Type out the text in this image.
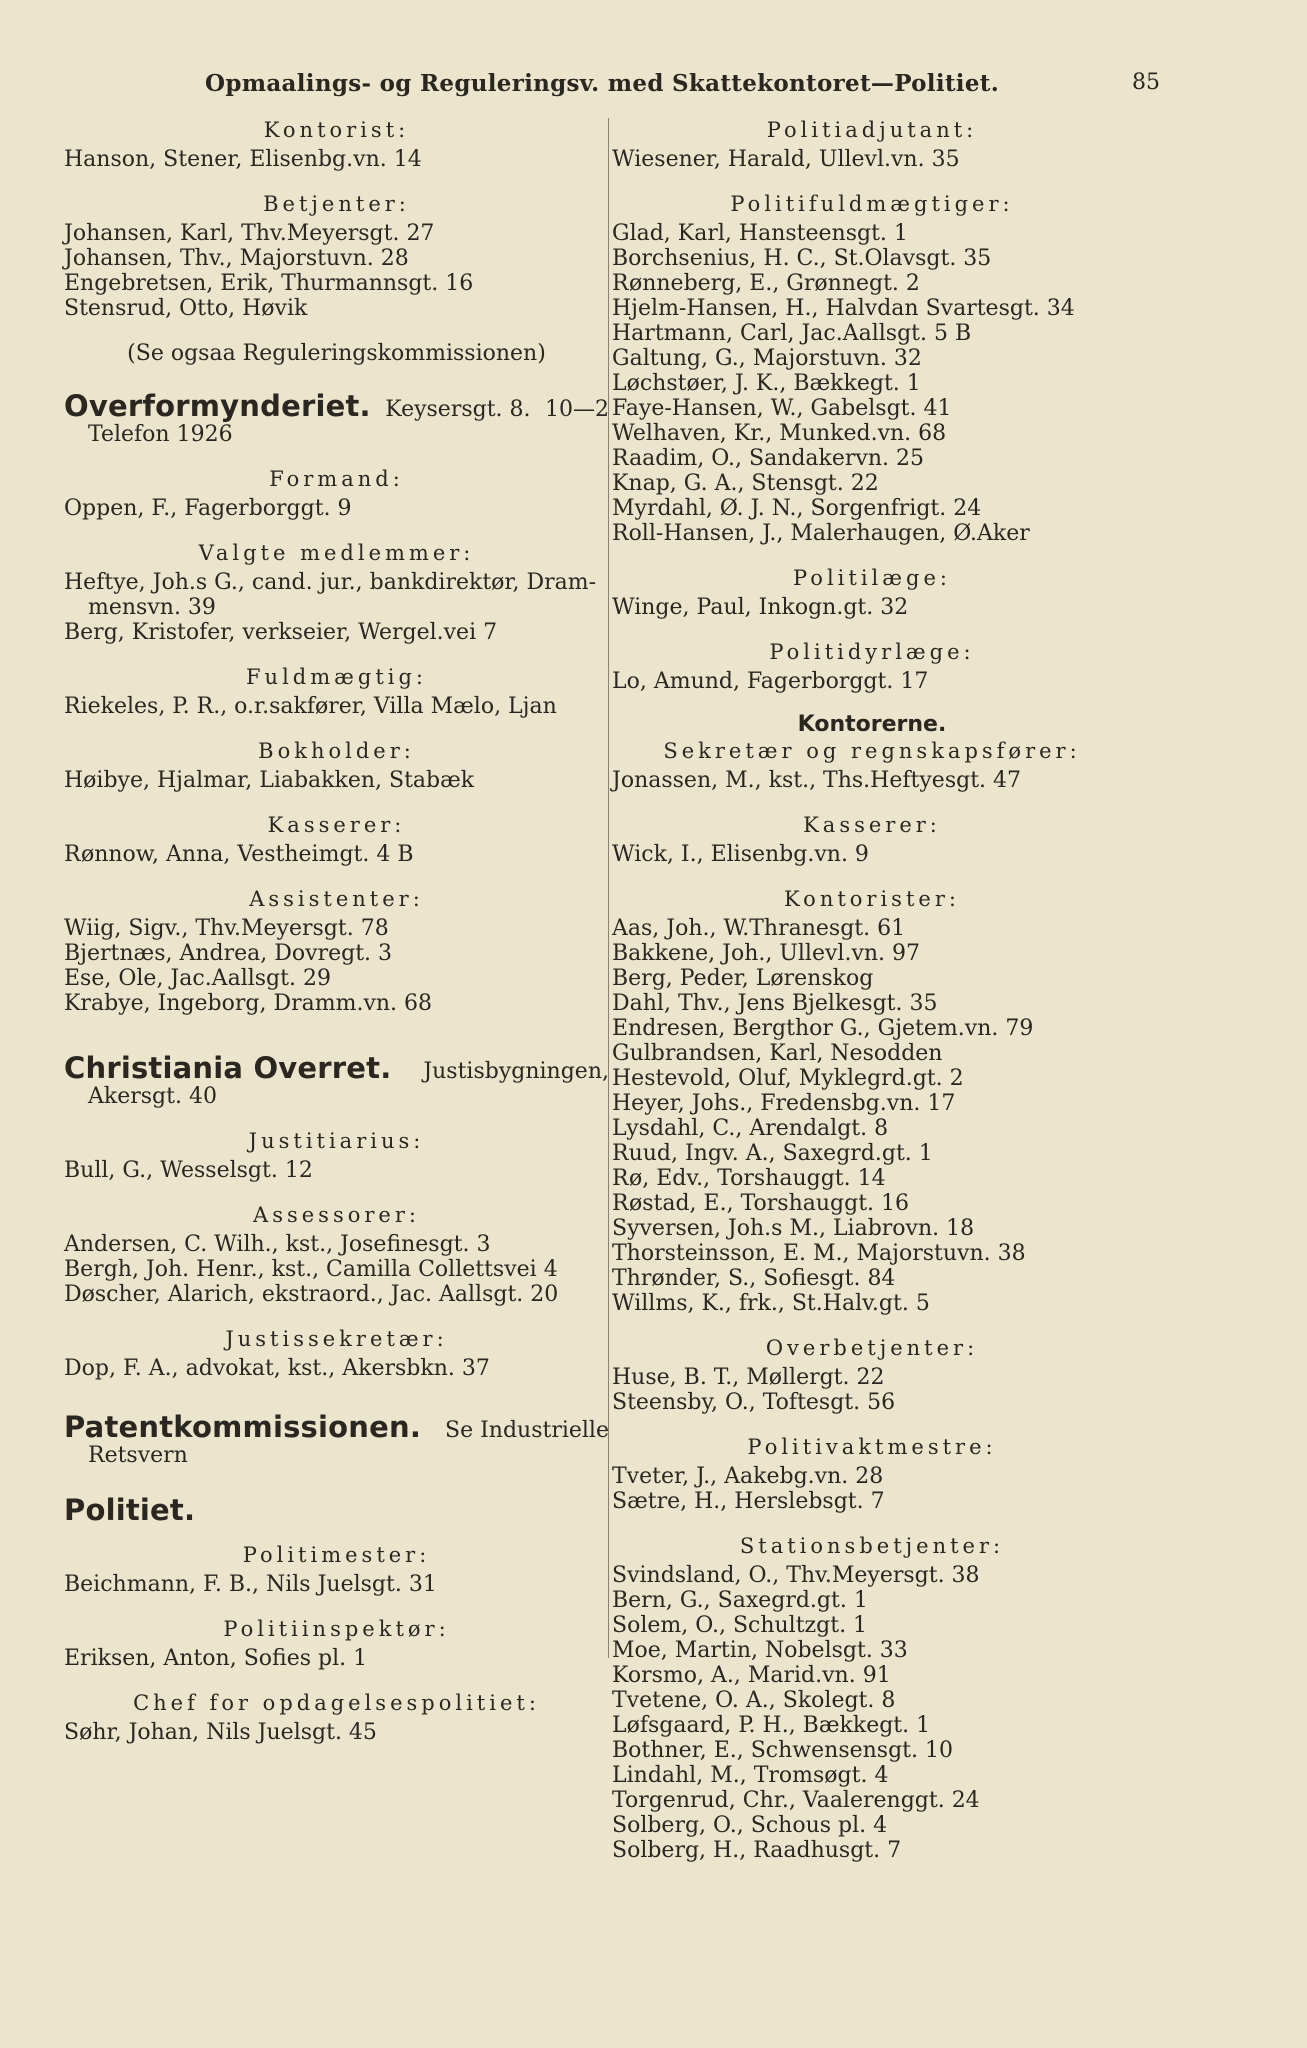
Opmaalings- og Reguleringsv. med Skattekontoret—Politiet.	85
Kontorist:
Hanson, Stener, Elisenbg.vn. 14
Betjenter:
Johansen, Karl, Thv.Meyersgt. 27
Johansen, Thv., Majorstuvn. 28
Engebretsen, Erik, Thurmannsgt. 16
Stensrud, Otto, Høvik
(Se ogsaa Reguleringskommissionen)
Overformynderiet. Keysersgt. 8. 10—2
Telefon 1926
Formand:
Oppen, F., Fagerborggt. 9
Valgte medlemmer:
Heftye, Joh.s G., cand. jur., bankdirektør, Dram-
mensvn. 39
Berg, Kristofer, verkseier, Wergel.vei 7
Fuldmægtig:
Riekeles, P. R., o.r.sakfører, Villa Mælo, Ljan
Bokholder:
Høibye, Hjalmar, Liabakken, Stabæk
Kasserer:
Rønnow, Anna, Vestheimgt. 4 B
Assistenter:
Wiig, Sigv., Thv.Meyersgt. 78
Bjertnæs, Andrea, Dovregt. 3
Ese, Ole, Jac.Aallsgt. 29
Krabye, Ingeborg, Dramm.vn. 68
Christiania Overret. Justisbygningen,
Akersgt. 40
Justitiarius:
Bull, G., Wesselsgt. 12
Assessorer:
Andersen, C. Wilh., kst., Josefinesgt. 3
Bergh, Joh. Henr., kst., Camilla Collettsvei 4
Døscher, Alarich, ekstraord., Jac. Aallsgt. 20
Justissekretær:
Dop, F. A., advokat, kst., Akersbkn. 37
Patentkommissionen. Se Industrielle
Retsvern
Politiet.
Politimester:
Beichmann, F. B., Nils Juelsgt. 31
Politiinspektør:
Eriksen, Anton, Sofies pl. 1
Chef for opdagelsespolitiet:
Søhr, Johan, Nils Juelsgt. 45
Politiadjutant:
Wiesener, Harald, Ullevl.vn. 35
Politifuldmægtiger:
Glad, Karl, Hansteensgt. 1
Borchsenius, H. C., St.Olavsgt. 35
Rønneberg, E., Grønnegt. 2
Hjelm-Hansen, H., Halvdan Svartesgt. 34
Hartmann, Carl, Jac.Aallsgt. 5 B
Galtung, G., Majorstuvn. 32
Løchstøer, J. K., Bækkegt. 1
Faye-Hansen, W., Gabelsgt. 41
Welhaven, Kr., Munked.vn. 68
Raadim, O., Sandakervn. 25
Knap, G. A., Stensgt. 22
Myrdahl, Ø. J. N., Sorgenfrigt. 24
Roll-Hansen, J., Malerhaugen, Ø.Aker
Politilæge:
Winge, Paul, Inkogn.gt. 32
Politidyrlæge:
Lo, Amund, Fagerborggt. 17
Kontorerne.
Sekretær og regnskapsfører:
Jonassen, M., kst., Ths.Heftyesgt. 47
Kasserer:
Wick, I., Elisenbg.vn. 9
Kontorister:
Aas, Joh., W.Thranesgt. 61
Bakkene, Joh., Ullevl.vn. 97
Berg, Peder, Lørenskog
Dahl, Thv., Jens Bjelkesgt. 35
Endresen, Bergthor G., Gjetem.vn. 79
Gulbrandsen, Karl, Nesodden
Hestevold, Oluf, Myklegrd.gt. 2
Heyer, Johs., Fredensbg.vn. 17
Lysdahl, C., Arendalgt. 8
Ruud, Ingv. A., Saxegrd.gt. 1
Rø, Edv., Torshauggt. 14
Røstad, E., Torshauggt. 16
Syversen, Joh.s M., Liabrovn. 18
Thorsteinsson, E. M., Majorstuvn. 38
Thrønder, S., Sofiesgt. 84
Willms, K., frk., St.Halv.gt. 5
Overbetjenter:
Huse, B. T., Møllergt. 22
Steensby, O., Toftesgt. 56
Politivaktmestre:
Tveter, J., Aakebg.vn. 28
Sætre, H., Herslebsgt. 7
Stationsbetjenter:
Svindsland, O., Thv.Meyersgt. 38
Bern, G., Saxegrd.gt. 1
Solem, O., Schultzgt. 1
Moe, Martin, Nobelsgt. 33
Korsmo, A., Marid.vn. 91
Tvetene, O. A., Skolegt. 8
Løfsgaard, P. H., Bækkegt. 1
Bothner, E., Schwensensgt. 10
Lindahl, M., Tromsøgt. 4
Torgenrud, Chr., Vaalerenggt. 24
Solberg, O., Schous pl. 4
Solberg, H., Raadhusgt. 7
